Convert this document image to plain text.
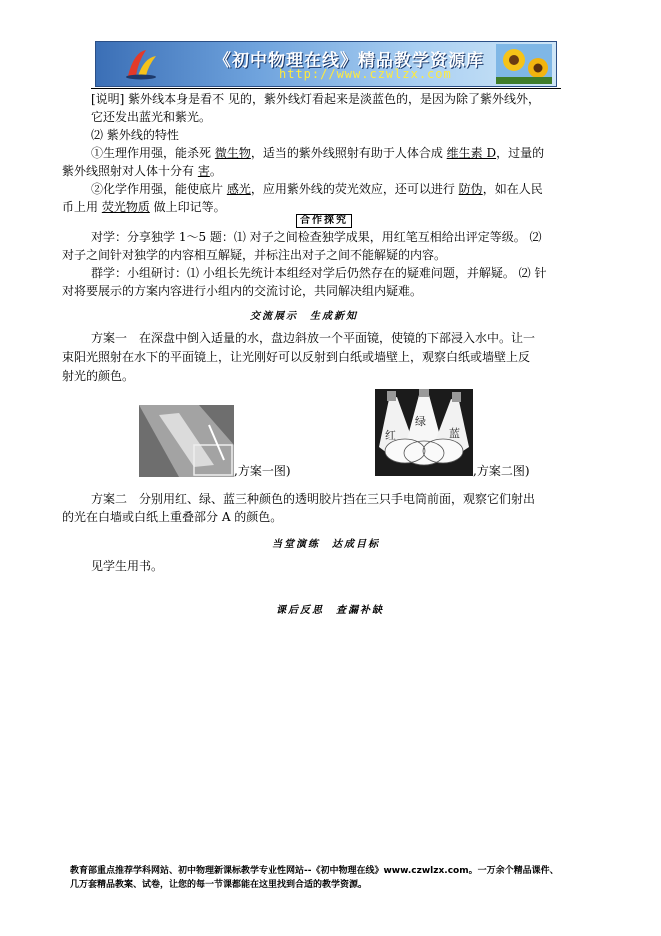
《初中物理在线》精品教学资源库
http://www.czwlzx.com
[说明] 紫外线本身是看不 见的，紫外线灯看起来是淡蓝色的，是因为除了紫外线外，
它还发出蓝光和紫光。
⑵ 紫外线的特性
①生理作用强，能杀死 微生物，适当的紫外线照射有助于人体合成 维生素 D，过量的
紫外线照射对人体十分有 害。
②化学作用强，能使底片 感光，应用紫外线的荧光效应，还可以进行 防伪，如在人民
币上用 荧光物质 做上印记等。
合作探究
对学：分享独学 1～5 题：⑴ 对子之间检查独学成果，用红笔互相给出评定等级。 ⑵
对子之间针对独学的内容相互解疑，并标注出对子之间不能解疑的内容。
群学：小组研讨：⑴ 小组长先统计本组经对学后仍然存在的疑难问题，并解疑。 ⑵ 针
对将要展示的方案内容进行小组内的交流讨论，共同解决组内疑难。
交流展示　生成新知
方案一　在深盘中倒入适量的水，盘边斜放一个平面镜，使镜的下部浸入水中。让一
束阳光照射在水下的平面镜上，让光刚好可以反射到白纸或墙壁上，观察白纸或墙壁上反
射光的颜色。
,方案一图)
红
绿
蓝
,方案二图)
方案二　分别用红、绿、蓝三种颜色的透明胶片挡在三只手电筒前面，观察它们射出
的光在白墙或白纸上重叠部分 A 的颜色。
当堂演练　达成目标
见学生用书。
课后反思　查漏补缺
教育部重点推荐学科网站、初中物理新课标教学专业性网站--《初中物理在线》www.czwlzx.com。一万余个精品课件、
几万套精品教案、试卷，让您的每一节课都能在这里找到合适的教学资源。
